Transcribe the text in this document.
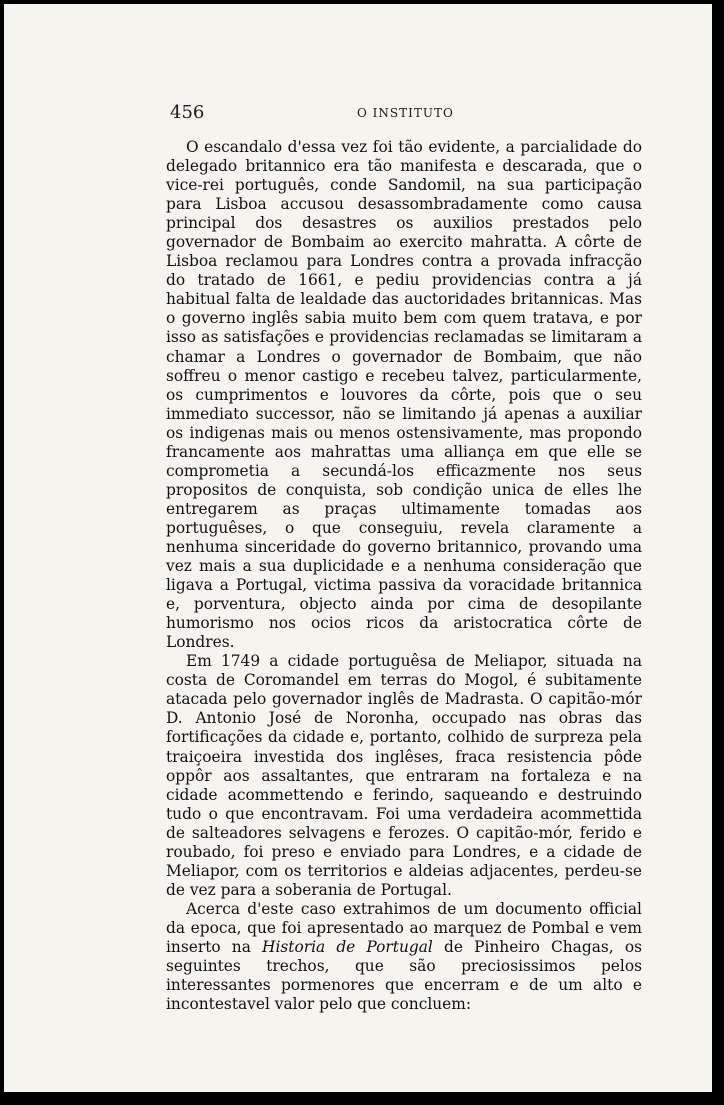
456	O INSTITUTO

O escandalo d'essa vez foi tão evidente, a parcialidade do delegado britannico era tão manifesta e descarada, que o vice-rei português, conde Sandomil, na sua participação para Lisboa accusou desassombradamente como causa principal dos desastres os auxilios prestados pelo governador de Bombaim ao exercito mahratta. A côrte de Lisboa reclamou para Londres contra a provada infracção do tratado de 1661, e pediu providencias contra a já habitual falta de lealdade das auctoridades britannicas. Mas o governo inglês sabia muito bem com quem tratava, e por isso as satisfações e providencias reclamadas se limitaram a chamar a Londres o governador de Bombaim, que não soffreu o menor castigo e recebeu talvez, particularmente, os cumprimentos e louvores da côrte, pois que o seu immediato successor, não se limitando já apenas a auxiliar os indigenas mais ou menos ostensivamente, mas propondo francamente aos mahrattas uma alliança em que elle se comprometia a secundá-los efficazmente nos seus propositos de conquista, sob condição unica de elles lhe entregarem as praças ultimamente tomadas aos portuguêses, o que conseguiu, revela claramente a nenhuma sinceridade do governo britannico, provando uma vez mais a sua duplicidade e a nenhuma consideração que ligava a Portugal, victima passiva da voracidade britannica e, porventura, objecto ainda por cima de desopilante humorismo nos ocios ricos da aristocratica côrte de Londres.

Em 1749 a cidade portuguêsa de Meliapor, situada na costa de Coromandel em terras do Mogol, é subitamente atacada pelo governador inglês de Madrasta. O capitão-mór D. Antonio José de Noronha, occupado nas obras das fortificações da cidade e, portanto, colhido de surpreza pela traiçoeira investida dos inglêses, fraca resistencia pôde oppôr aos assaltantes, que entraram na fortaleza e na cidade acommettendo e ferindo, saqueando e destruindo tudo o que encontravam. Foi uma verdadeira acommettida de salteadores selvagens e ferozes. O capitão-mór, ferido e roubado, foi preso e enviado para Londres, e a cidade de Meliapor, com os territorios e aldeias adjacentes, perdeu-se de vez para a soberania de Portugal.

Acerca d'este caso extrahimos de um documento official da epoca, que foi apresentado ao marquez de Pombal e vem inserto na Historia de Portugal de Pinheiro Chagas, os seguintes trechos, que são preciosissimos pelos interessantes pormenores que encerram e de um alto e incontestavel valor pelo que concluem:
